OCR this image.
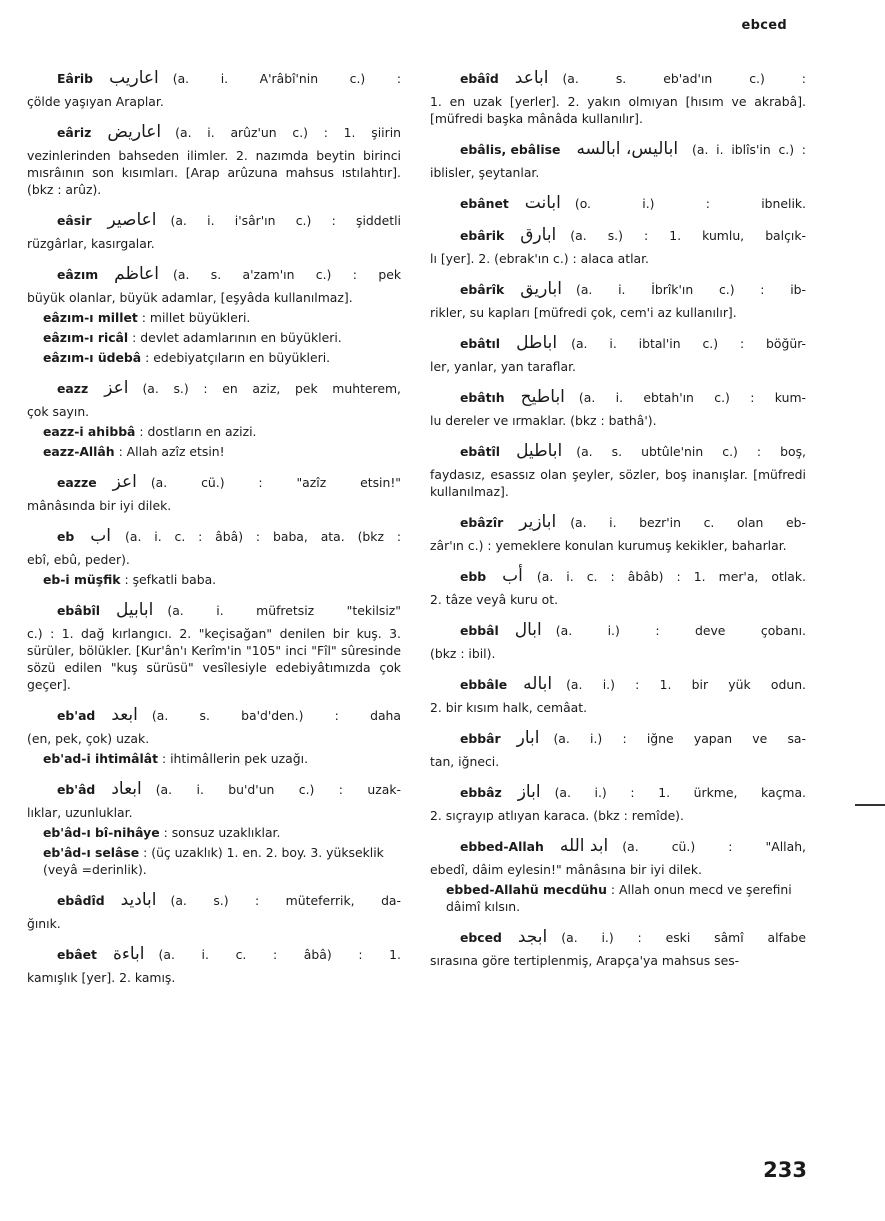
ebced
Eârib اعاريب (a. i. A'râbî'nin c.) :
çölde yaşıyan Araplar.
eâriz اعاريض (a. i. arûz'un c.) : 1. şiirin
vezinlerinden bahseden ilimler. 2. nazımda beytin birinci mısrâının son kısımları. [Arap arûzuna mahsus ıstılahtır]. (bkz : arûz).
eâsir اعاصير (a. i. i'sâr'ın c.) : şiddetli
rüzgârlar, kasırgalar.
eâzım اعاظم (a. s. a'zam'ın c.) : pek
büyük olanlar, büyük adamlar, [eşyâda kullanılmaz].
eâzım-ı millet : millet büyükleri.
eâzım-ı ricâl : devlet adamlarının en büyükleri.
eâzım-ı üdebâ : edebiyatçıların en büyükleri.
eazz اعز (a. s.) : en aziz, pek muhterem,
çok sayın.
eazz-i ahibbâ : dostların en azizi.
eazz-Allâh : Allah azîz etsin!
eazze اعز (a. cü.) : "azîz etsin!"
mânâsında bir iyi dilek.
eb اب (a. i. c. : âbâ) : baba, ata. (bkz :
ebî, ebû, peder).
eb-i müşfik : şefkatli baba.
ebâbîl ابابيل (a. i. müfretsiz "tekilsiz"
c.) : 1. dağ kırlangıcı. 2. "keçisağan" denilen bir kuş. 3. sürüler, bölükler. [Kur'ân'ı Kerîm'in "105" inci "Fîl" sûresinde sözü edilen "kuş sürüsü" vesîlesiyle edebiyâtımızda çok geçer].
eb'ad ابعد (a. s. ba'd'den.) : daha
(en, pek, çok) uzak.
eb'ad-i ihtimâlât : ihtimâllerin pek uzağı.
eb'âd ابعاد (a. i. bu'd'un c.) : uzak-
lıklar, uzunluklar.
eb'âd-ı bî-nihâye : sonsuz uzaklıklar.
eb'âd-ı selâse : (üç uzaklık) 1. en. 2. boy. 3. yükseklik (veyâ =derinlik).
ebâdîd اباديد (a. s.) : müteferrik, da-
ğınık.
ebâet اباءة (a. i. c. : âbâ) : 1.
kamışlık [yer]. 2. kamış.
ebâîd اباعد (a. s. eb'ad'ın c.) :
1. en uzak [yerler]. 2. yakın olmıyan [hısım ve akrabâ]. [müfredi başka mânâda kullanılır].
ebâlis, ebâlise اباليس، ابالسه (a. i. iblîs'in c.) :
iblisler, şeytanlar.
ebânet ابانت (o. i.) : ibnelik.
ebârik ابارق (a. s.) : 1. kumlu, balçık-
lı [yer]. 2. (ebrak'ın c.) : alaca atlar.
ebârîk اباريق (a. i. İbrîk'ın c.) : ib-
rikler, su kapları [müfredi çok, cem'i az kullanılır].
ebâtıl اباطل (a. i. ibtal'in c.) : böğür-
ler, yanlar, yan taraflar.
ebâtıh اباطيح (a. i. ebtah'ın c.) : kum-
lu dereler ve ırmaklar. (bkz : bathâ').
ebâtîl اباطيل (a. s. ubtûle'nin c.) : boş,
faydasız, esassız olan şeyler, sözler, boş inanışlar. [müfredi kullanılmaz].
ebâzîr ابازير (a. i. bezr'in c. olan eb-
zâr'ın c.) : yemeklere konulan kurumuş kekikler, baharlar.
ebb أب (a. i. c. : âbâb) : 1. mer'a, otlak.
2. tâze veyâ kuru ot.
ebbâl ابال (a. i.) : deve çobanı.
(bkz : ibil).
ebbâle اباله (a. i.) : 1. bir yük odun.
2. bir kısım halk, cemâat.
ebbâr ابار (a. i.) : iğne yapan ve sa-
tan, iğneci.
ebbâz اباز (a. i.) : 1. ürkme, kaçma.
2. sıçrayıp atlıyan karaca. (bkz : remîde).
ebbed-Allah ابد الله (a. cü.) : "Allah,
ebedî, dâim eylesin!" mânâsına bir iyi dilek.
ebbed-Allahü mecdühu : Allah onun mecd ve şerefini dâimî kılsın.
ebced ابجد (a. i.) : eski sâmî alfabe
sırasına göre tertiplenmiş, Arapça'ya mahsus ses-
233
